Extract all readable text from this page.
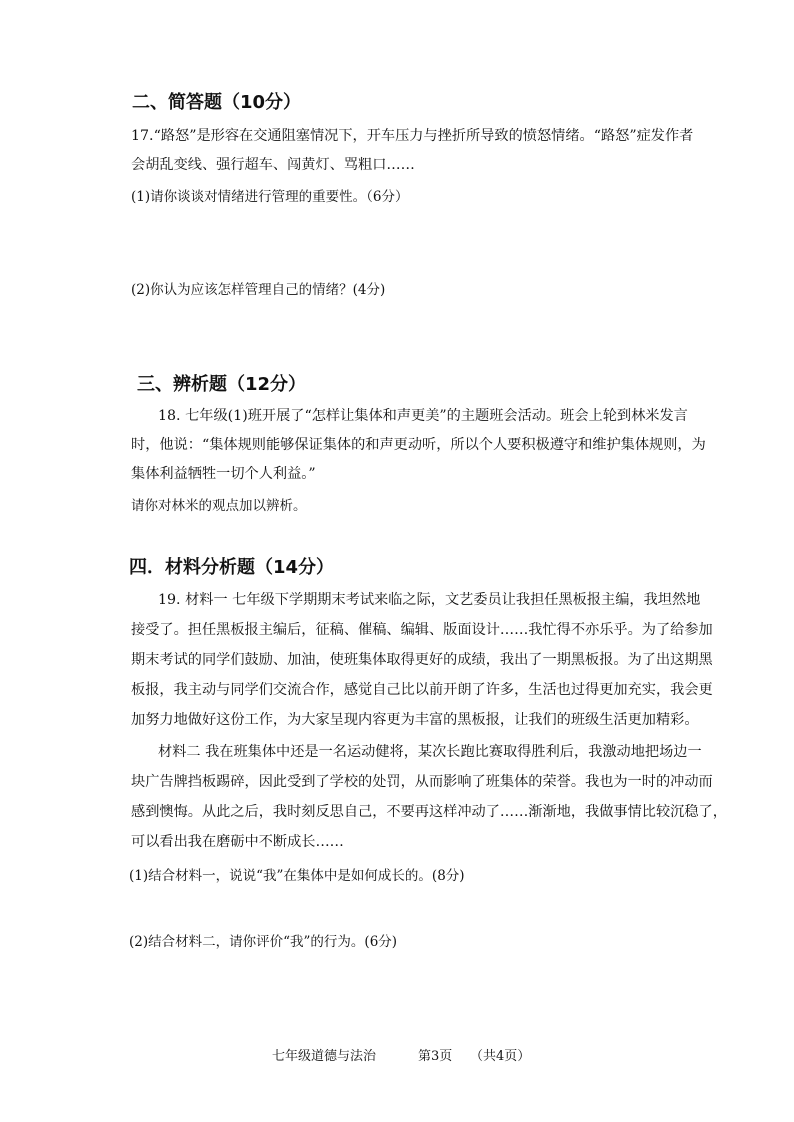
二、简答题（10分）
17.“路怒”是形容在交通阻塞情况下，开车压力与挫折所导致的愤怒情绪。“路怒”症发作者
会胡乱变线、强行超车、闯黄灯、骂粗口……
(1)请你谈谈对情绪进行管理的重要性。（6分）
(2)你认为应该怎样管理自己的情绪？(4分)
三、辨析题（12分）
18. 七年级(1)班开展了“怎样让集体和声更美”的主题班会活动。班会上轮到林米发言
时，他说：“集体规则能够保证集体的和声更动听，所以个人要积极遵守和维护集体规则，为
集体利益牺牲一切个人利益。”
请你对林米的观点加以辨析。
四．材料分析题（14分）
19. 材料一 七年级下学期期末考试来临之际，文艺委员让我担任黑板报主编，我坦然地
接受了。担任黑板报主编后，征稿、催稿、编辑、版面设计……我忙得不亦乐乎。为了给参加
期末考试的同学们鼓励、加油，使班集体取得更好的成绩，我出了一期黑板报。为了出这期黑
板报，我主动与同学们交流合作，感觉自己比以前开朗了许多，生活也过得更加充实，我会更
加努力地做好这份工作，为大家呈现内容更为丰富的黑板报，让我们的班级生活更加精彩。
材料二 我在班集体中还是一名运动健将，某次长跑比赛取得胜利后，我激动地把场边一
块广告牌挡板踢碎，因此受到了学校的处罚，从而影响了班集体的荣誉。我也为一时的冲动而
感到懊悔。从此之后，我时刻反思自己，不要再这样冲动了……渐渐地，我做事情比较沉稳了，
可以看出我在磨砺中不断成长……
(1)结合材料一，说说“我”在集体中是如何成长的。(8分)
(2)结合材料二，请你评价“我”的行为。(6分)
七年级道德与法治	第3页 （共4页）
